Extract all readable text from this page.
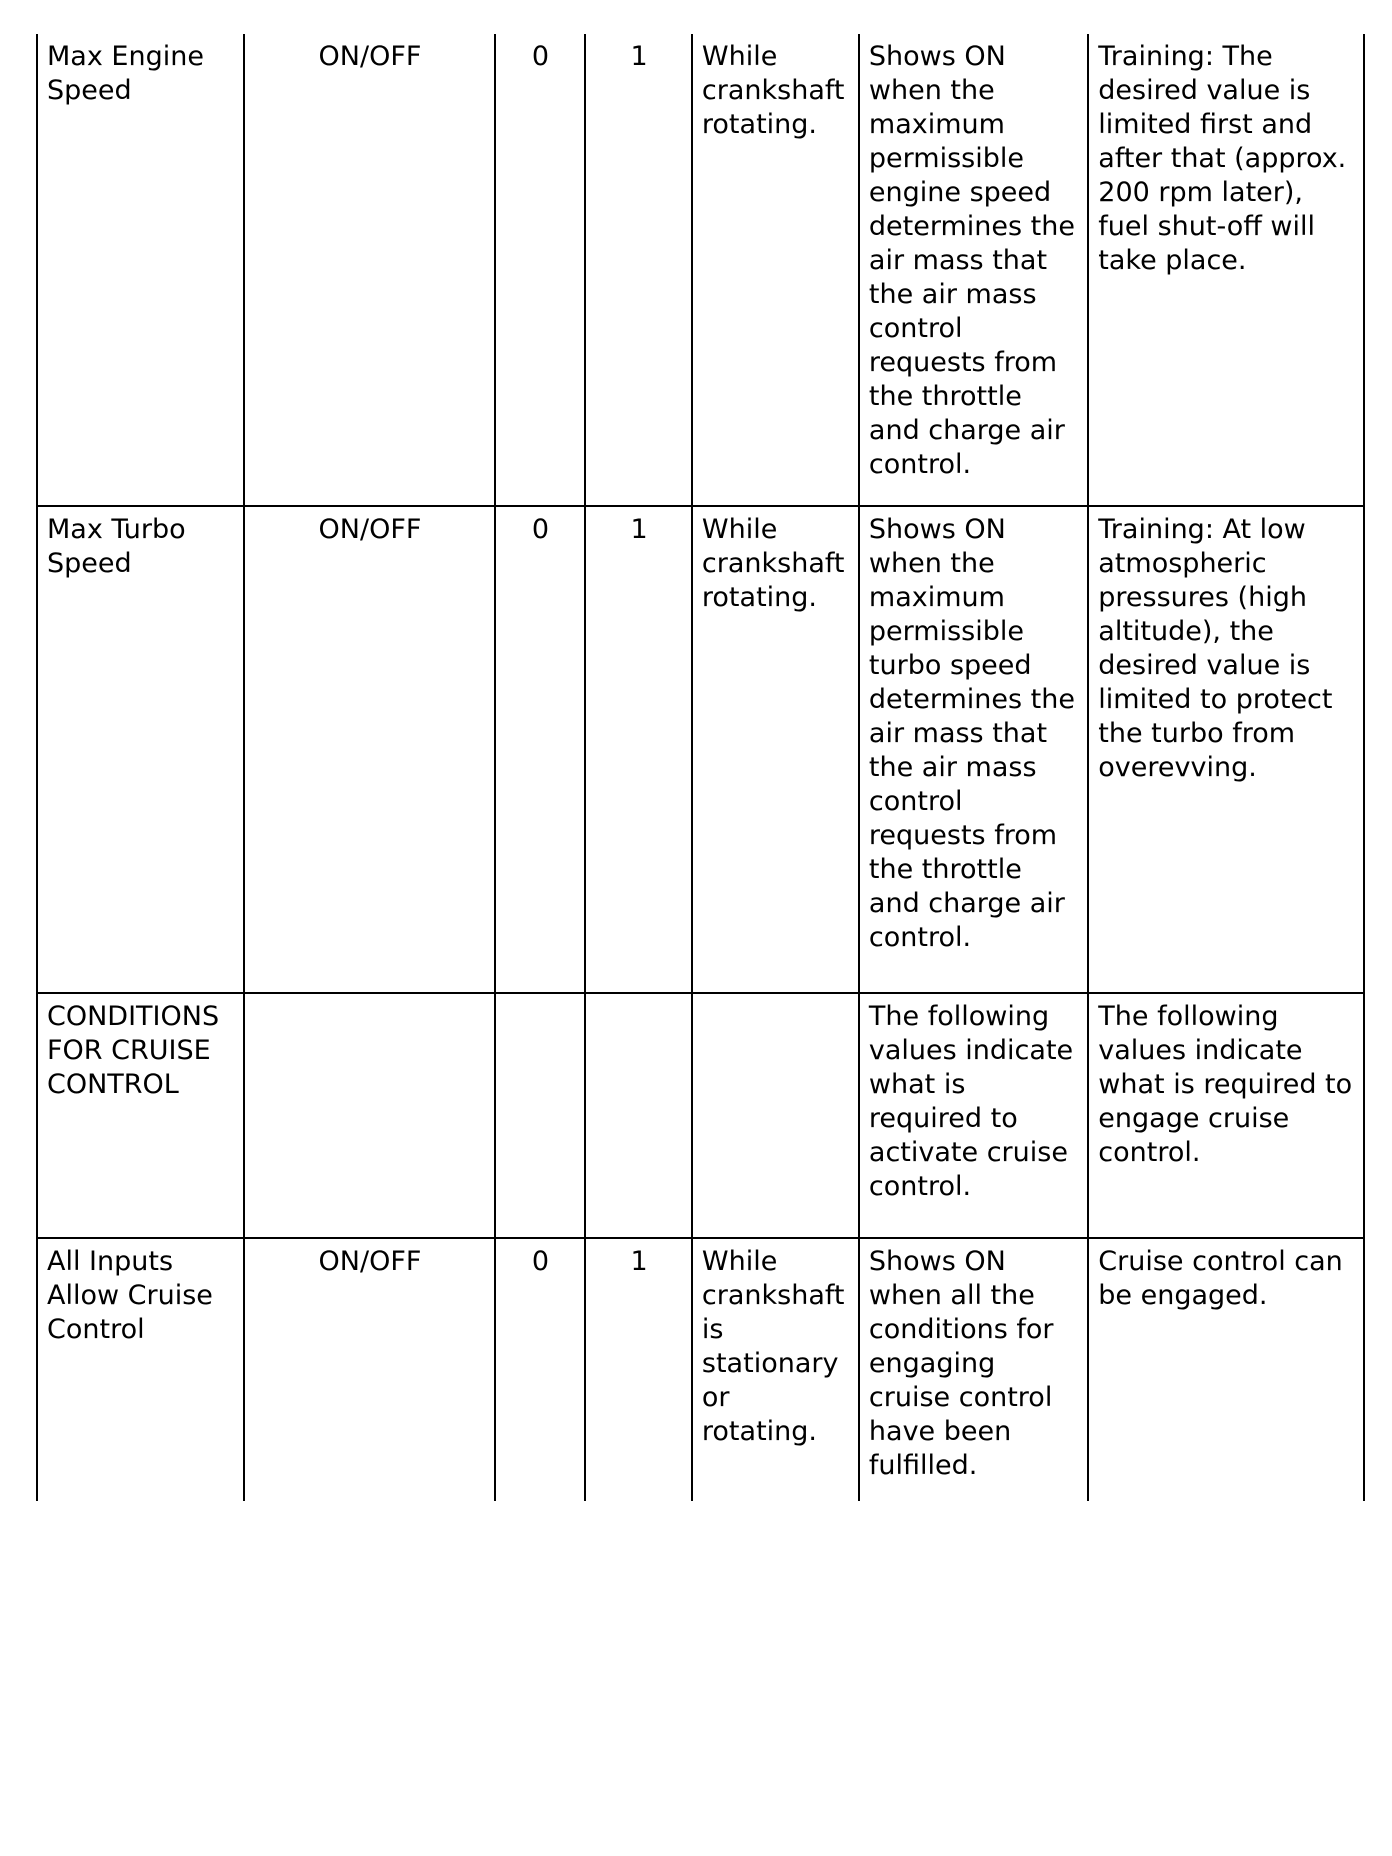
Max Engine Speed	ON/OFF	0	1	While crankshaft rotating.	Shows ON when the maximum permissible engine speed determines the air mass that the air mass control requests from the throttle and charge air control.	Training: The desired value is limited first and after that (approx. 200 rpm later), fuel shut-off will take place.

Max Turbo Speed	ON/OFF	0	1	While crankshaft rotating.	Shows ON when the maximum permissible turbo speed determines the air mass that the air mass control requests from the throttle and charge air control.	Training: At low atmospheric pressures (high altitude), the desired value is limited to protect the turbo from overevving.

CONDITIONS FOR CRUISE CONTROL					The following values indicate what is required to activate cruise control.	The following values indicate what is required to engage cruise control.

All Inputs Allow Cruise Control	ON/OFF	0	1	While crankshaft is stationary or rotating.	Shows ON when all the conditions for engaging cruise control have been fulfilled.	Cruise control can be engaged.
